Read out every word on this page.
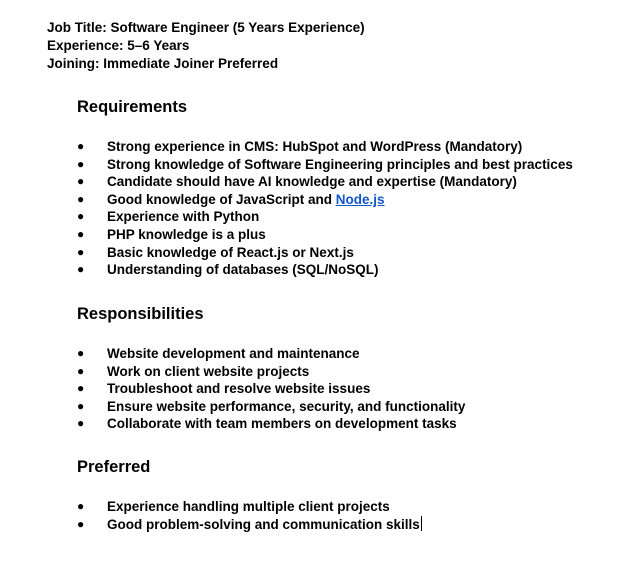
Job Title: Software Engineer (5 Years Experience)
Experience: 5–6 Years
Joining: Immediate Joiner Preferred
Requirements
● Strong experience in CMS: HubSpot and WordPress (Mandatory)
● Strong knowledge of Software Engineering principles and best practices
● Candidate should have AI knowledge and expertise (Mandatory)
● Good knowledge of JavaScript and Node.js
● Experience with Python
● PHP knowledge is a plus
● Basic knowledge of React.js or Next.js
● Understanding of databases (SQL/NoSQL)
Responsibilities
● Website development and maintenance
● Work on client website projects
● Troubleshoot and resolve website issues
● Ensure website performance, security, and functionality
● Collaborate with team members on development tasks
Preferred
● Experience handling multiple client projects
● Good problem-solving and communication skills
